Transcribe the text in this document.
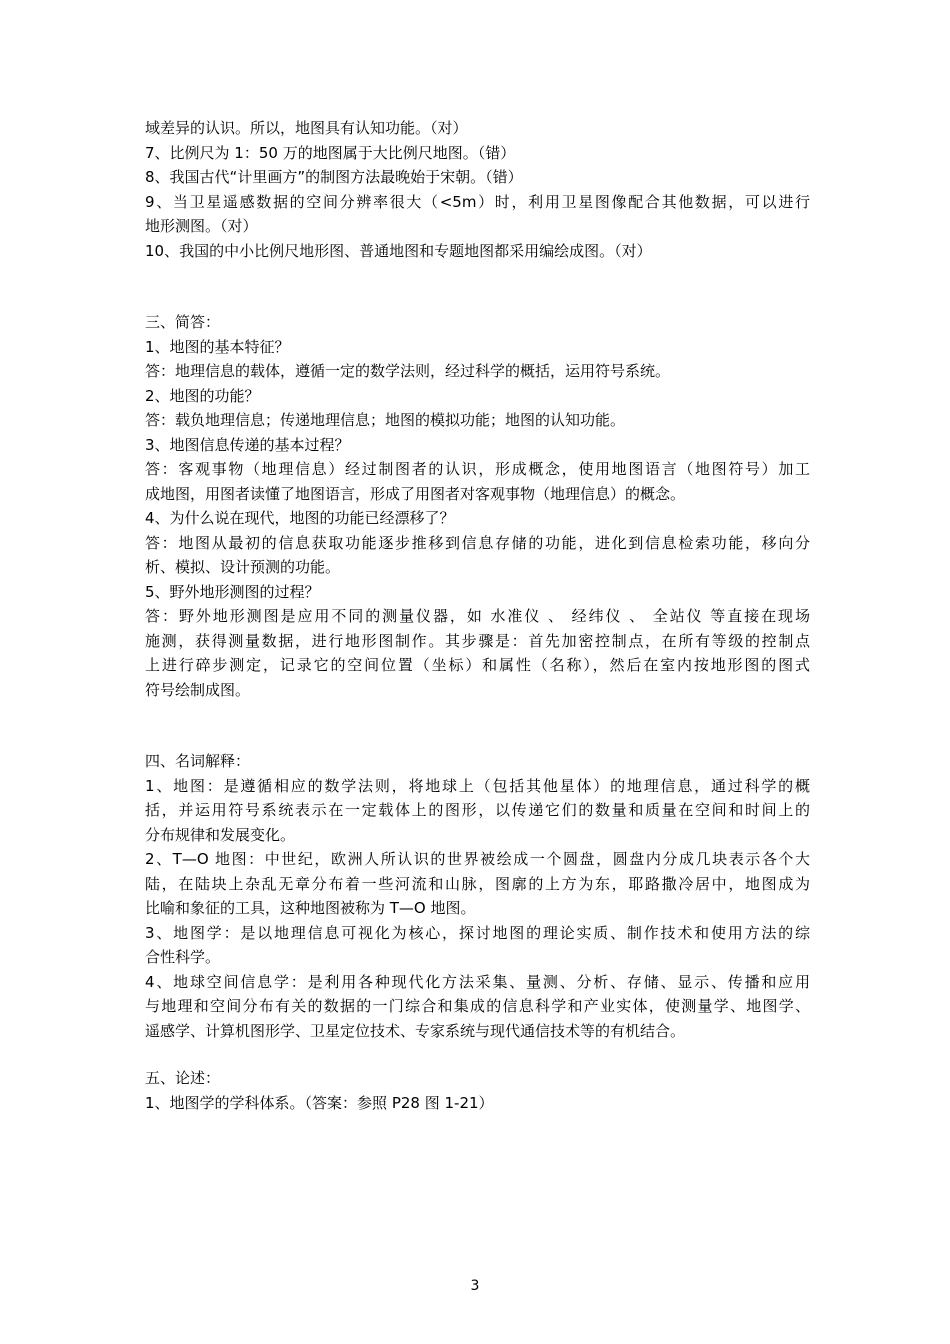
域差异的认识。所以，地图具有认知功能。（对）
7、比例尺为 1：50 万的地图属于大比例尺地图。（错）
8、我国古代“计里画方”的制图方法最晚始于宋朝。（错）
9、当卫星遥感数据的空间分辨率很大（<5m）时，利用卫星图像配合其他数据，可以进行
地形测图。（对）
10、我国的中小比例尺地形图、普通地图和专题地图都采用编绘成图。（对）
三、简答：
1、地图的基本特征？
答：地理信息的载体，遵循一定的数学法则，经过科学的概括，运用符号系统。
2、地图的功能？
答：载负地理信息；传递地理信息；地图的模拟功能；地图的认知功能。
3、地图信息传递的基本过程？
答：客观事物（地理信息）经过制图者的认识，形成概念，使用地图语言（地图符号）加工
成地图，用图者读懂了地图语言，形成了用图者对客观事物（地理信息）的概念。
4、为什么说在现代，地图的功能已经漂移了？
答：地图从最初的信息获取功能逐步推移到信息存储的功能，进化到信息检索功能，移向分
析、模拟、设计预测的功能。
5、野外地形测图的过程？
答：野外地形测图是应用不同的测量仪器，如 水准仪 、 经纬仪 、 全站仪 等直接在现场
施测，获得测量数据，进行地形图制作。其步骤是：首先加密控制点，在所有等级的控制点
上进行碎步测定，记录它的空间位置（坐标）和属性（名称），然后在室内按地形图的图式
符号绘制成图。
四、名词解释：
1、地图：是遵循相应的数学法则，将地球上（包括其他星体）的地理信息，通过科学的概
括，并运用符号系统表示在一定载体上的图形，以传递它们的数量和质量在空间和时间上的
分布规律和发展变化。
2、T—O 地图：中世纪，欧洲人所认识的世界被绘成一个圆盘，圆盘内分成几块表示各个大
陆，在陆块上杂乱无章分布着一些河流和山脉，图廓的上方为东，耶路撒冷居中，地图成为
比喻和象征的工具，这种地图被称为 T—O 地图。
3、地图学：是以地理信息可视化为核心，探讨地图的理论实质、制作技术和使用方法的综
合性科学。
4、地球空间信息学：是利用各种现代化方法采集、量测、分析、存储、显示、传播和应用
与地理和空间分布有关的数据的一门综合和集成的信息科学和产业实体，使测量学、地图学、
遥感学、计算机图形学、卫星定位技术、专家系统与现代通信技术等的有机结合。
五、论述：
1、地图学的学科体系。（答案：参照 P28 图 1-21）
3
